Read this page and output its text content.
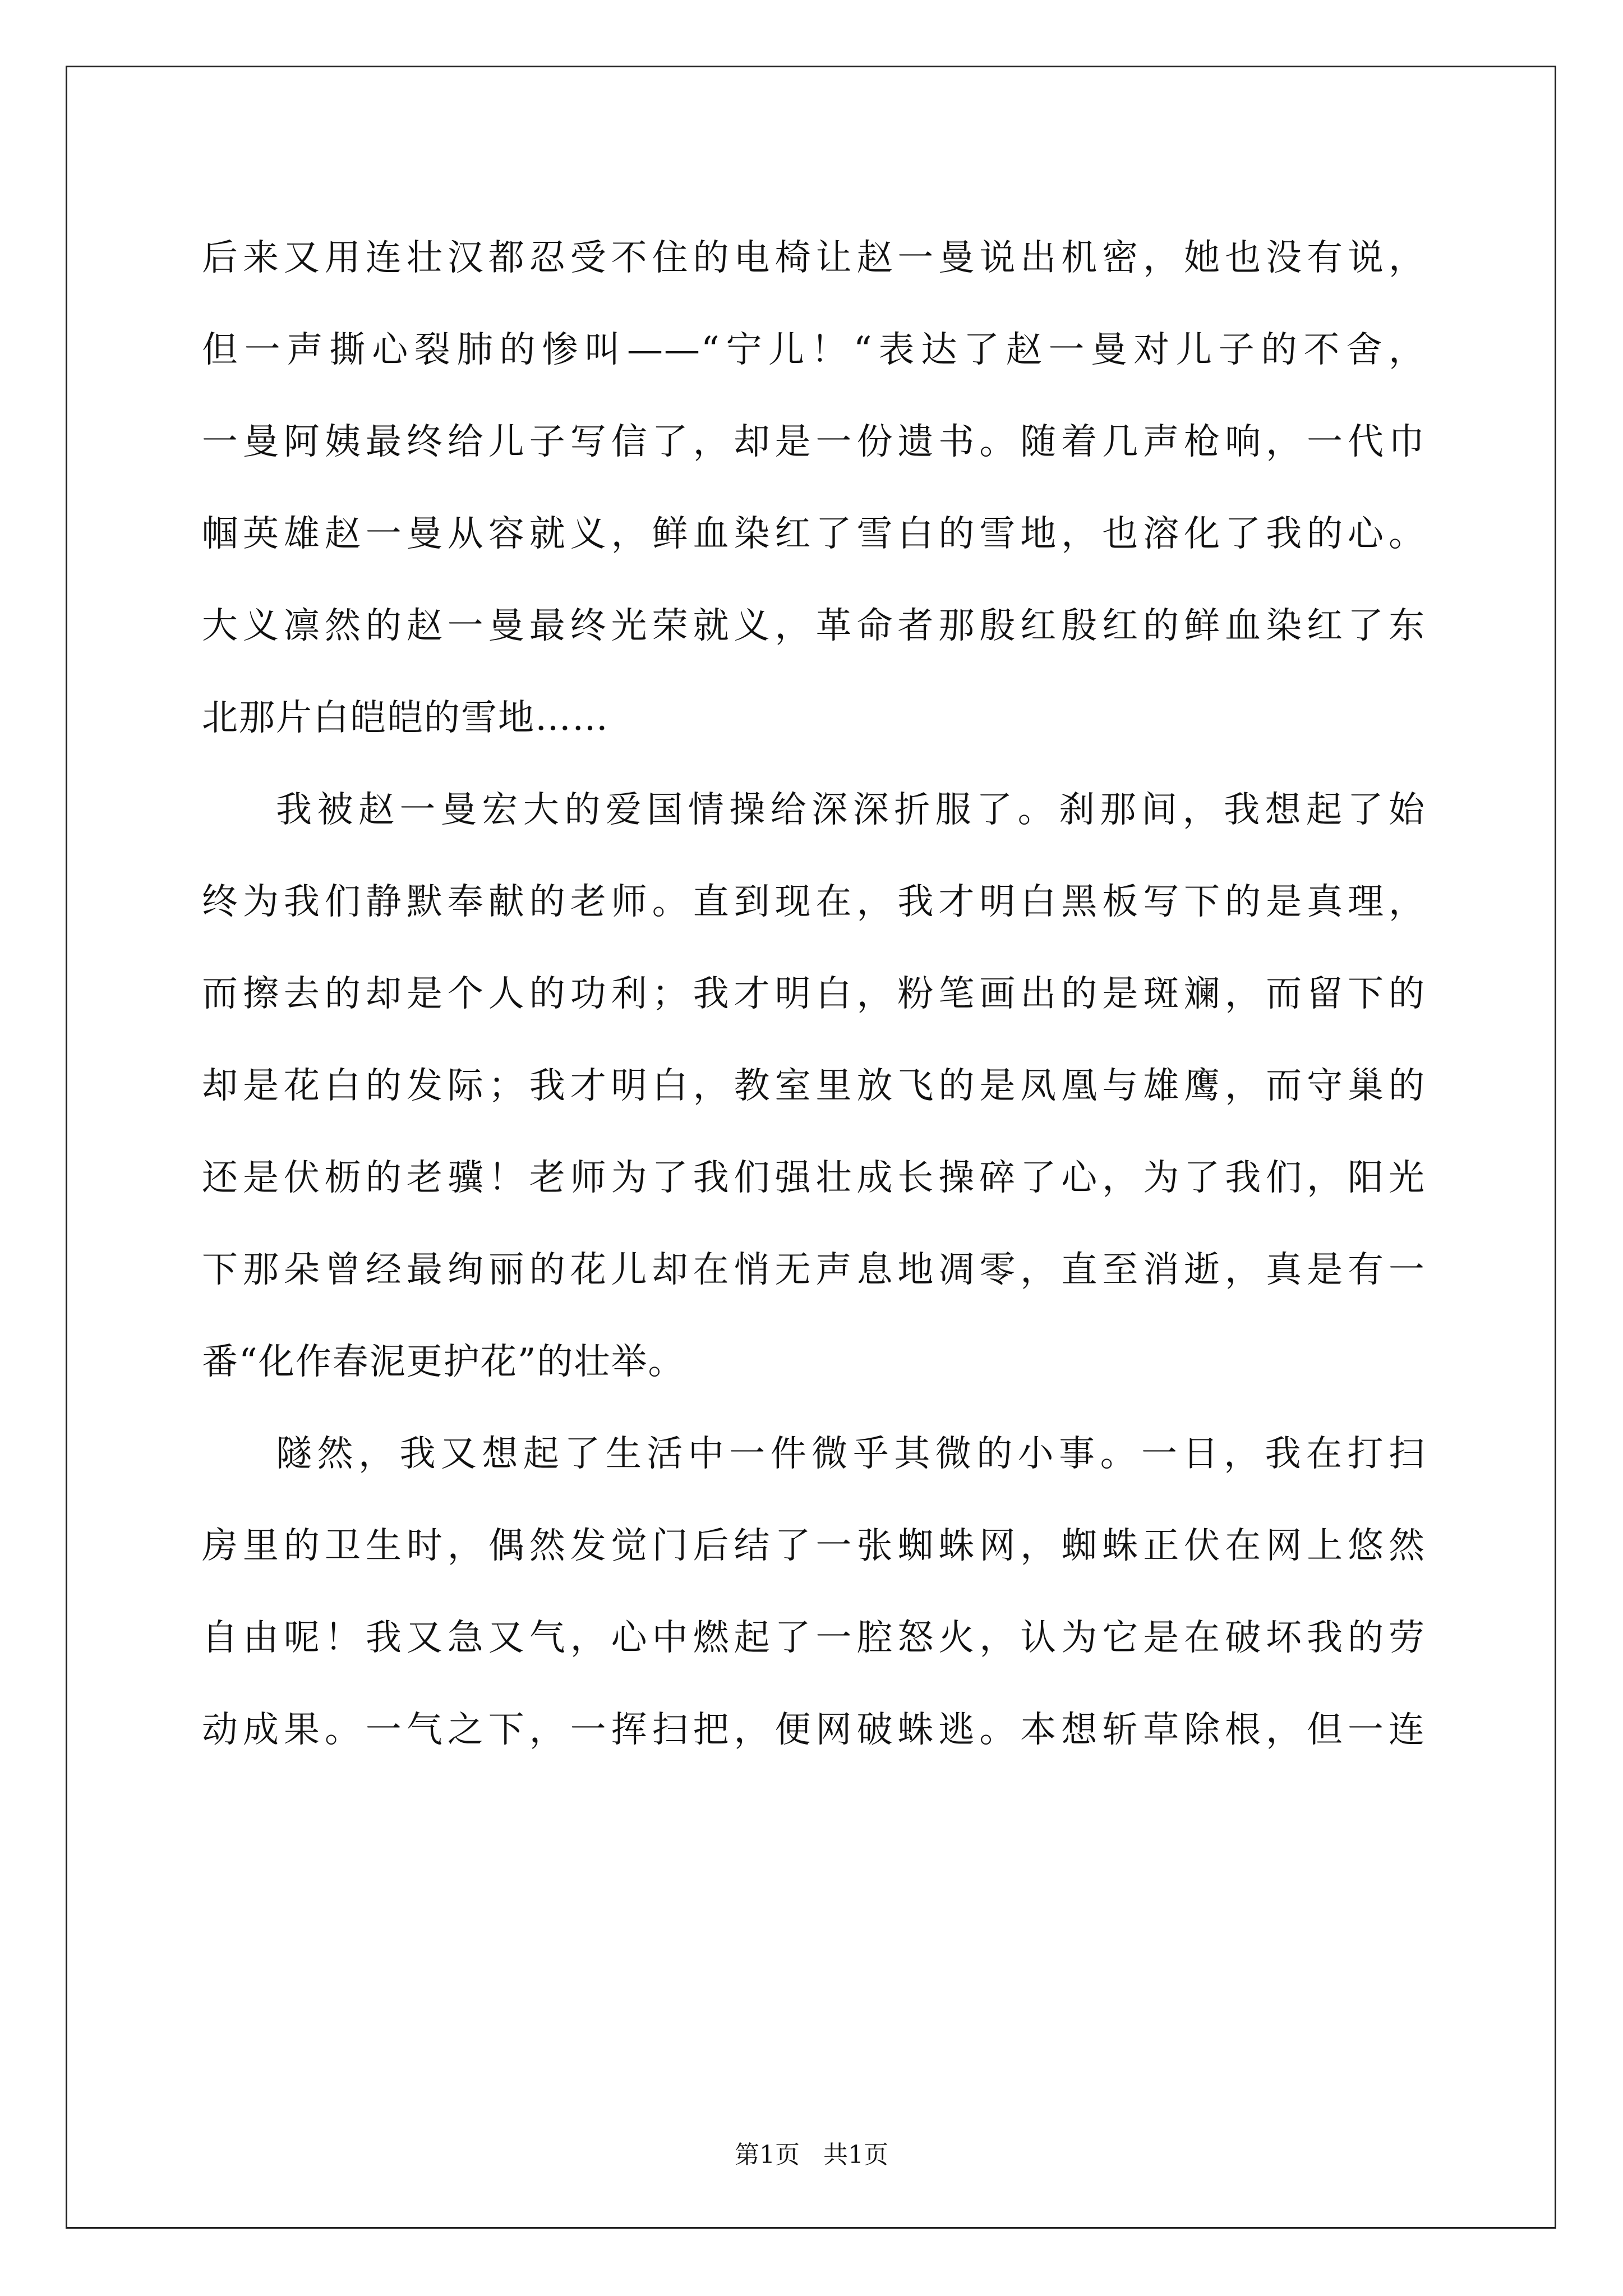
后来又用连壮汉都忍受不住的电椅让赵一曼说出机密，她也没有说，
但一声撕心裂肺的惨叫——“宁儿！“表达了赵一曼对儿子的不舍，
一曼阿姨最终给儿子写信了，却是一份遗书。随着几声枪响，一代巾
帼英雄赵一曼从容就义，鲜血染红了雪白的雪地，也溶化了我的心。
大义凛然的赵一曼最终光荣就义，革命者那殷红殷红的鲜血染红了东
北那片白皑皑的雪地……
我被赵一曼宏大的爱国情操给深深折服了。刹那间，我想起了始
终为我们静默奉献的老师。直到现在，我才明白黑板写下的是真理，
而擦去的却是个人的功利；我才明白，粉笔画出的是斑斓，而留下的
却是花白的发际；我才明白，教室里放飞的是凤凰与雄鹰，而守巢的
还是伏枥的老骥！老师为了我们强壮成长操碎了心，为了我们，阳光
下那朵曾经最绚丽的花儿却在悄无声息地凋零，直至消逝，真是有一
番“化作春泥更护花”的壮举。
隧然，我又想起了生活中一件微乎其微的小事。一日，我在打扫
房里的卫生时，偶然发觉门后结了一张蜘蛛网，蜘蛛正伏在网上悠然
自由呢！我又急又气，心中燃起了一腔怒火，认为它是在破坏我的劳
动成果。一气之下，一挥扫把，便网破蛛逃。本想斩草除根，但一连
第1页   共1页
